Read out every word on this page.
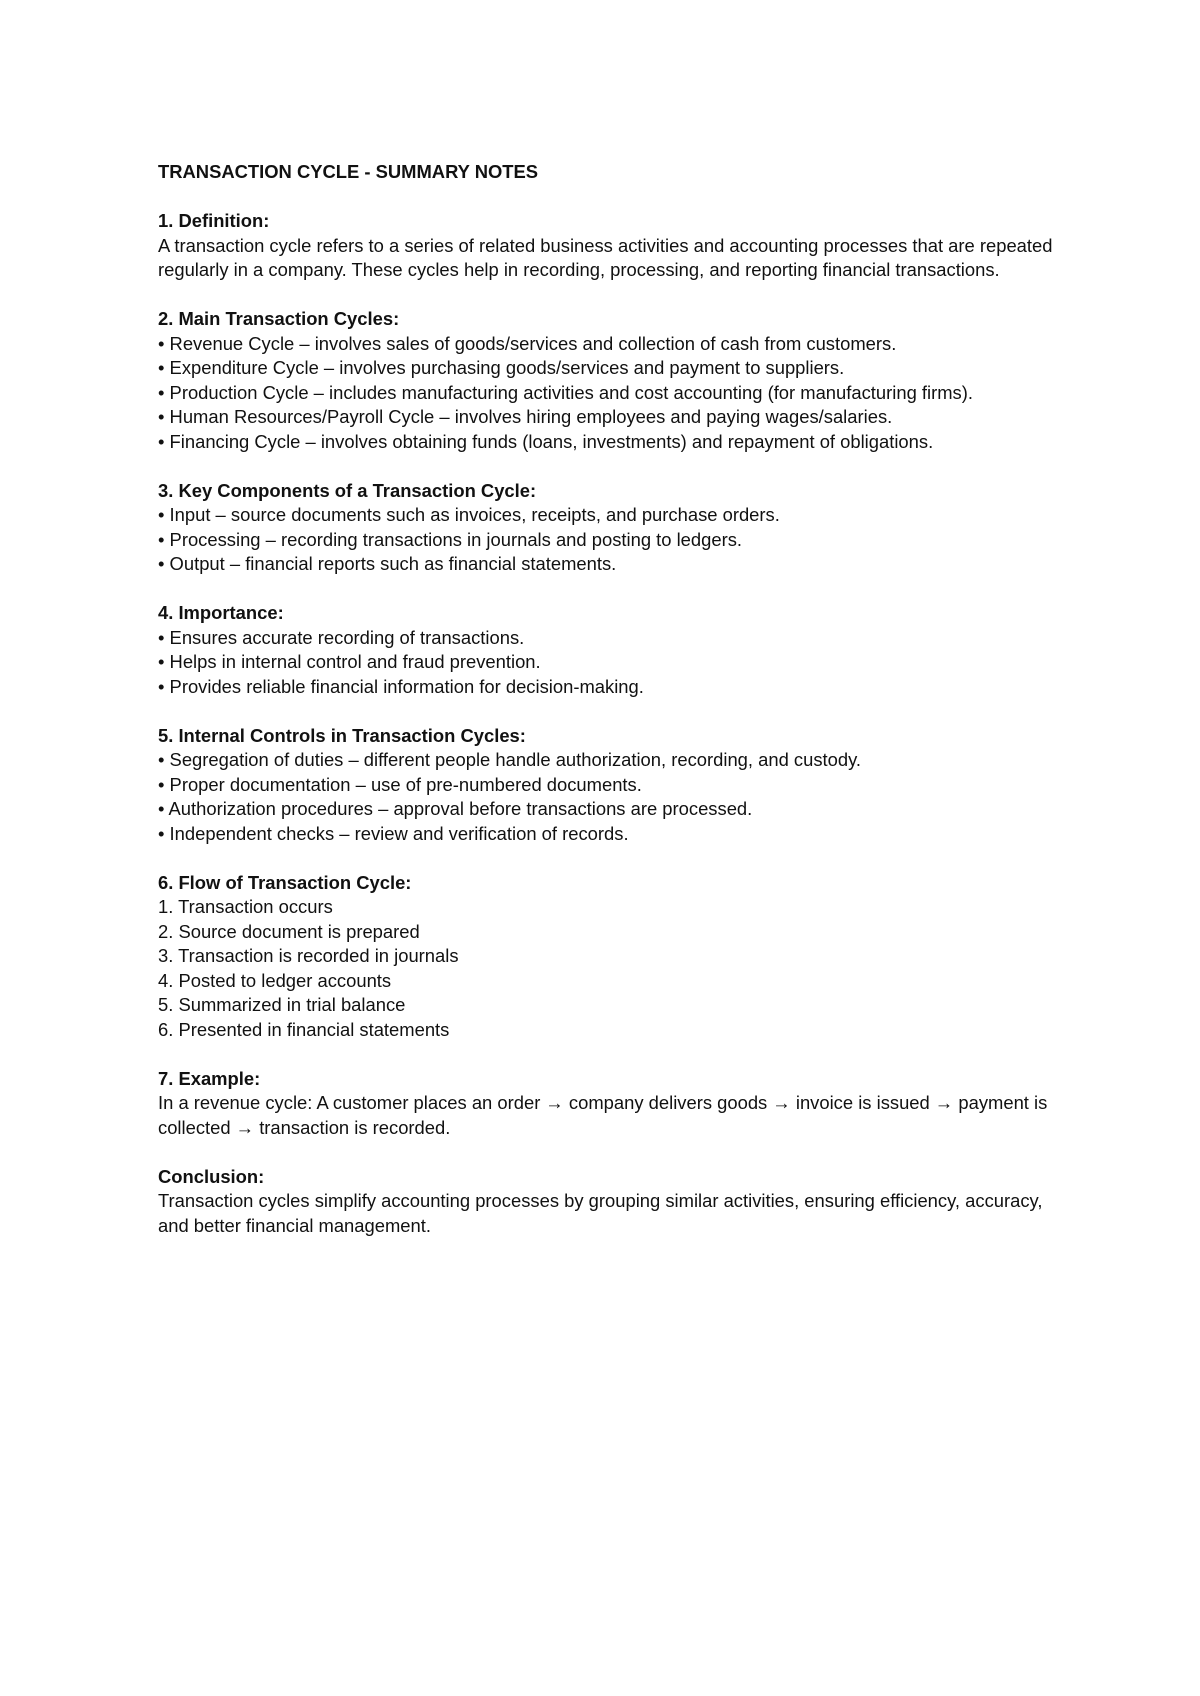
TRANSACTION CYCLE - SUMMARY NOTES
1. Definition:
A transaction cycle refers to a series of related business activities and accounting processes that are repeated regularly in a company. These cycles help in recording, processing, and reporting financial transactions.
2. Main Transaction Cycles:
• Revenue Cycle – involves sales of goods/services and collection of cash from customers.
• Expenditure Cycle – involves purchasing goods/services and payment to suppliers.
• Production Cycle – includes manufacturing activities and cost accounting (for manufacturing firms).
• Human Resources/Payroll Cycle – involves hiring employees and paying wages/salaries.
• Financing Cycle – involves obtaining funds (loans, investments) and repayment of obligations.
3. Key Components of a Transaction Cycle:
• Input – source documents such as invoices, receipts, and purchase orders.
• Processing – recording transactions in journals and posting to ledgers.
• Output – financial reports such as financial statements.
4. Importance:
• Ensures accurate recording of transactions.
• Helps in internal control and fraud prevention.
• Provides reliable financial information for decision-making.
5. Internal Controls in Transaction Cycles:
• Segregation of duties – different people handle authorization, recording, and custody.
• Proper documentation – use of pre-numbered documents.
• Authorization procedures – approval before transactions are processed.
• Independent checks – review and verification of records.
6. Flow of Transaction Cycle:
1. Transaction occurs
2. Source document is prepared
3. Transaction is recorded in journals
4. Posted to ledger accounts
5. Summarized in trial balance
6. Presented in financial statements
7. Example:
In a revenue cycle: A customer places an order → company delivers goods → invoice is issued → payment is collected → transaction is recorded.
Conclusion:
Transaction cycles simplify accounting processes by grouping similar activities, ensuring efficiency, accuracy, and better financial management.
